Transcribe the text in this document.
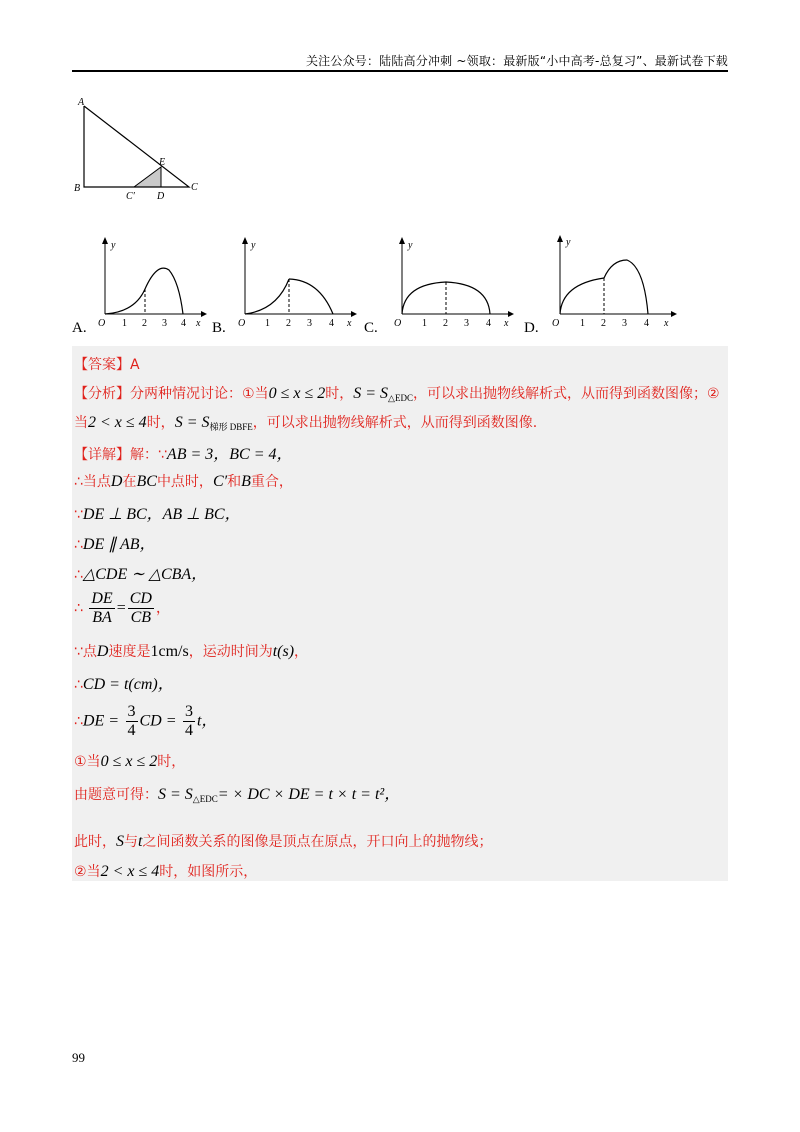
关注公众号：陆陆高分冲刺 ~领取：最新版“小中高考-总复习”、最新试卷下载
A
B	C
E
C′ D
A.
y
O 1 2 3 4 x B.
y
O 1 2 3 4 x C.
y
O 1 2 3 4 x D.
y
O 1 2 3 4 x
【答案】A
【分析】分两种情况讨论：①当0 ≤ x ≤ 2时，$S = S_{\triangle EDC}$，可以求出抛物线解析式，从而得到函数图像；②
当2 < x ≤ 4时，$S = S_{梯形 DBFE}$，可以求出抛物线解析式，从而得到函数图像.
【详解】解：∵AB = 3，BC = 4，
∴当点D在BC中点时，C′和B重合，
∵DE ⊥ BC，AB ⊥ BC，
∴DE ∥ AB，
∴△CDE ∼ △CBA，
∴ $\frac{DE}{BA} = \frac{CD}{CB}$ ，
∵点D速度是1cm/s，运动时间为t(s)，
∴CD = t(cm)，
∴DE = $\frac{3}{4}$ CD = $\frac{3}{4}$ t，
①当0 ≤ x ≤ 2时，
由题意可得：$S = S_{\triangle EDC}=$ × DC × DE = t × t = t²，
此时，S与t之间函数关系的图像是顶点在原点，开口向上的抛物线；
②当2 < x ≤ 4时，如图所示，
99
